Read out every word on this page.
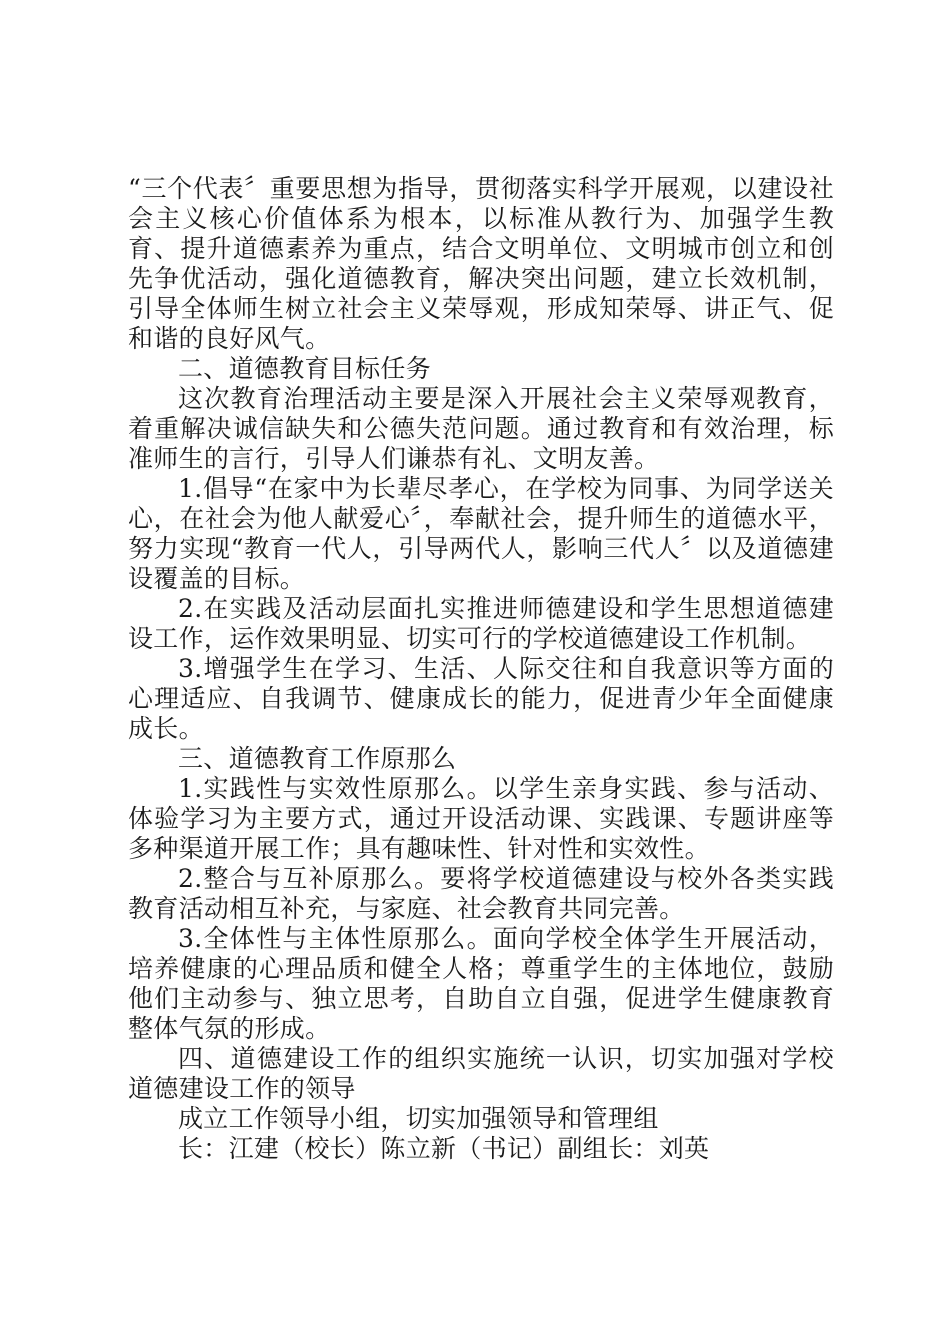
“三个代表〞重要思想为指导，贯彻落实科学开展观，以建设社会主义核心价值体系为根本，以标准从教行为、加强学生教育、提升道德素养为重点，结合文明单位、文明城市创立和创先争优活动，强化道德教育，解决突出问题，建立长效机制，引导全体师生树立社会主义荣辱观，形成知荣辱、讲正气、促和谐的良好风气。

二、道德教育目标任务

这次教育治理活动主要是深入开展社会主义荣辱观教育，着重解决诚信缺失和公德失范问题。通过教育和有效治理，标准师生的言行，引导人们谦恭有礼、文明友善。

1.倡导“在家中为长辈尽孝心，在学校为同事、为同学送关心，在社会为他人献爱心〞，奉献社会，提升师生的道德水平，努力实现“教育一代人，引导两代人，影响三代人〞以及道德建设覆盖的目标。

2.在实践及活动层面扎实推进师德建设和学生思想道德建设工作，运作效果明显、切实可行的学校道德建设工作机制。

3.增强学生在学习、生活、人际交往和自我意识等方面的心理适应、自我调节、健康成长的能力，促进青少年全面健康成长。

三、道德教育工作原那么

1.实践性与实效性原那么。以学生亲身实践、参与活动、体验学习为主要方式，通过开设活动课、实践课、专题讲座等多种渠道开展工作；具有趣味性、针对性和实效性。

2.整合与互补原那么。要将学校道德建设与校外各类实践教育活动相互补充，与家庭、社会教育共同完善。

3.全体性与主体性原那么。面向学校全体学生开展活动，培养健康的心理品质和健全人格；尊重学生的主体地位，鼓励他们主动参与、独立思考，自助自立自强，促进学生健康教育整体气氛的形成。

四、道德建设工作的组织实施统一认识，切实加强对学校道德建设工作的领导

成立工作领导小组，切实加强领导和管理组

长：江建（校长）陈立新（书记）副组长：刘英
